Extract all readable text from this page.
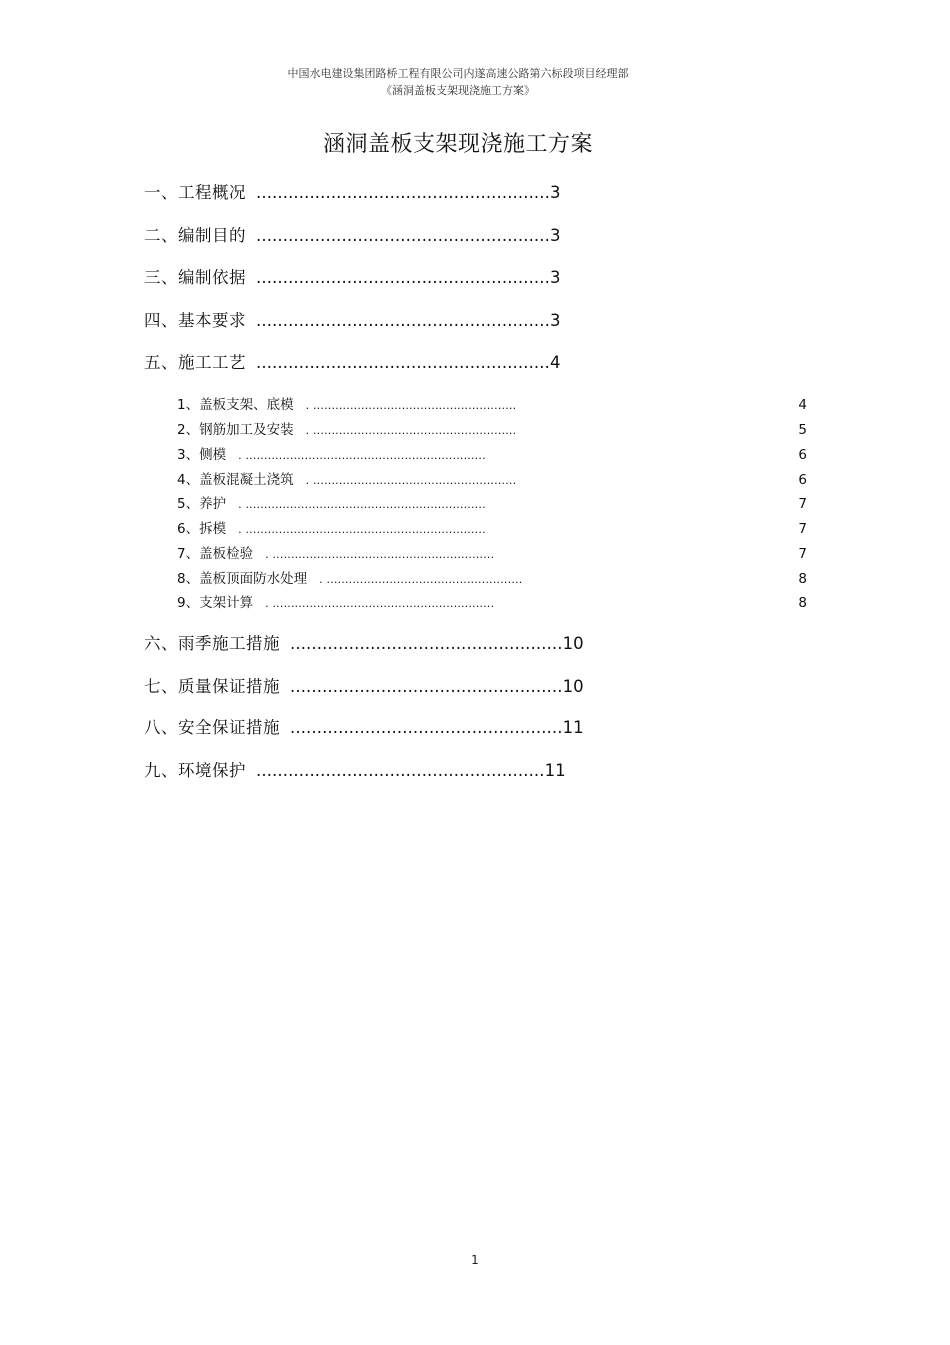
中国水电建设集团路桥工程有限公司内遂高速公路第六标段项目经理部
《涵洞盖板支架现浇施工方案》
涵洞盖板支架现浇施工方案
一、工程概况 ....................................................... 3
二、编制目的 ....................................................... 3
三、编制依据 ....................................................... 3
四、基本要求 ....................................................... 3
五、施工工艺 ....................................................... 4
1、盖板支架、底模 . .......................................................	4
2、钢筋加工及安装 . .......................................................	5
3、侧模 . .................................................................	6
4、盖板混凝土浇筑 . .......................................................	6
5、养护 . .................................................................	7
6、拆模 . .................................................................	7
7、盖板检验 . ............................................................	7
8、盖板顶面防水处理 . .....................................................	8
9、支架计算 . ............................................................	8
六、雨季施工措施 ................................................... 10
七、质量保证措施 ................................................... 10
八、安全保证措施 ................................................... 11
九、环境保护 ...................................................... 11
1
